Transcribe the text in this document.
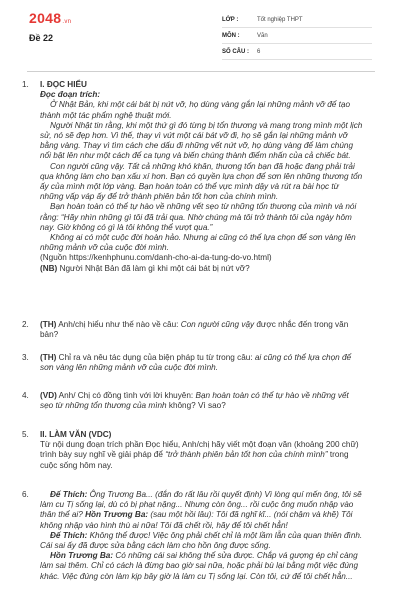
2048.vn
Đề 22
LỚP :	Tốt nghiệp THPT
MÔN :	Văn
SỐ CÂU : 6
1. I. ĐỌC HIỂU

Đọc đoạn trích:

Ở Nhật Bản, khi một cái bát bị nứt vỡ, họ dùng vàng gắn lại những mảnh vỡ để tạo thành một tác phẩm nghệ thuật mới.

Người Nhật tin rằng, khi một thứ gì đó từng bị tổn thương và mang trong mình một lịch sử, nó sẽ đẹp hơn. Vì thế, thay vì vứt một cái bát vỡ đi, họ sẽ gắn lại những mảnh vỡ bằng vàng. Thay vì tìm cách che dấu đi những vết nứt vỡ, họ dùng vàng để làm chúng nổi bật lên như một cách để ca tụng và biến chúng thành điểm nhấn của cả chiếc bát.

Con người cũng vậy. Tất cả những khó khăn, thương tổn bạn đã hoặc đang phải trải qua không làm cho bạn xấu xí hơn. Bạn có quyền lựa chọn để sơn lên những thương tổn ấy của mình một lớp vàng. Bạn hoàn toàn có thể vực mình dậy và rút ra bài học từ những vấp váp ấy để trở thành phiên bản tốt hơn của chính mình.

Bạn hoàn toàn có thể tự hào về những vết sẹo từ những tổn thương của mình và nói rằng: “Hãy nhìn những gì tôi đã trải qua. Nhờ chúng mà tôi trở thành tôi của ngày hôm nay. Giờ không có gì là tôi không thể vượt qua.”

Không ai có một cuộc đời hoàn hảo. Nhưng ai cũng có thể lựa chọn để sơn vàng lên những mảnh vỡ của cuộc đời mình.

(Nguồn https://kenhphunu.com/danh-cho-ai-da-tung-do-vo.html)

(NB) Người Nhật Bản đã làm gì khi một cái bát bị nứt vỡ?

2. (TH) Anh/chị hiểu như thế nào về câu: Con người cũng vậy được nhắc đến trong văn bản?

3. (TH) Chỉ ra và nêu tác dụng của biện pháp tu từ trong câu: ai cũng có thể lựa chọn để sơn vàng lên những mảnh vỡ của cuộc đời mình.

4. (VD) Anh/ Chị có đồng tình với lời khuyên: Bạn hoàn toàn có thể tự hào về những vết sẹo từ những tổn thương của mình không? Vì sao?

5. II. LÀM VĂN (VDC)

Từ nội dung đoạn trích phần Đọc hiểu, Anh/chị hãy viết một đoạn văn (khoảng 200 chữ) trình bày suy nghĩ về giải pháp để “trở thành phiên bản tốt hơn của chính mình” trong cuộc sống hôm nay.

6.	Đế Thích: Ông Trương Ba... (đắn đo rất lâu rồi quyết định) Vì lòng quí mến ông, tôi sẽ làm cu Tị sống lại, dù có bị phạt nặng... Nhưng còn ông... rồi cuộc ông muốn nhập vào thân thể ai? Hồn Trương Ba: (sau một hồi lâu): Tôi đã nghĩ kĩ... (nói chậm và khẽ) Tôi không nhập vào hình thù ai nữa! Tôi đã chết rồi, hãy để tôi chết hẳn!

Đế Thích: Không thể được! Việc ông phải chết chỉ là một lầm lẫn của quan thiên đình. Cái sai ấy đã được sửa bằng cách làm cho hồn ông được sống.

Hồn Trương Ba: Có những cái sai không thể sửa được. Chắp vá gượng ép chỉ càng làm sai thêm. Chỉ có cách là đừng bao giờ sai nữa, hoặc phải bù lại bằng một việc đúng khác. Việc đúng còn làm kịp bây giờ là làm cu Tị sống lại. Còn tôi, cứ để tôi chết hẳn...
